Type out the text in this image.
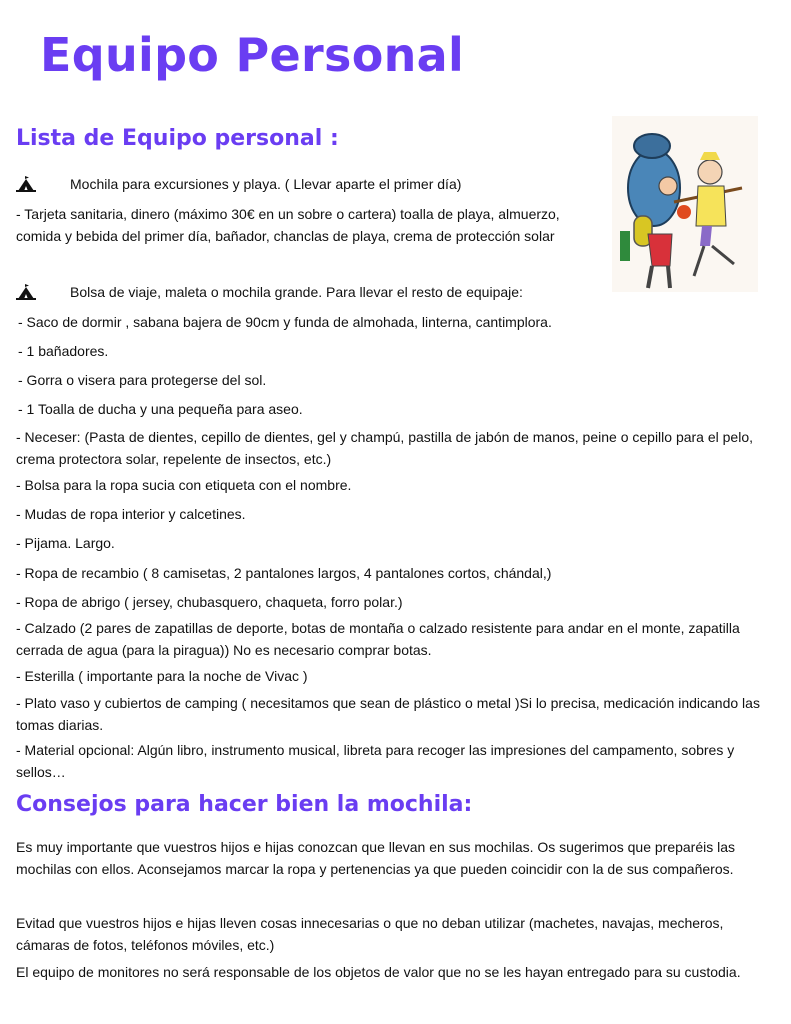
Equipo Personal
Lista de Equipo personal :
Mochila para excursiones y playa. ( Llevar aparte el primer día)

- Tarjeta sanitaria, dinero (máximo 30€ en un sobre o cartera) toalla de playa, almuerzo, comida y bebida del primer día, bañador, chanclas de playa, crema de protección solar

Bolsa de viaje, maleta o mochila grande. Para llevar el resto de equipaje:

- Saco de dormir , sabana bajera de 90cm y funda de almohada, linterna, cantimplora.

- 1 bañadores.

- Gorra o visera para protegerse del sol.

- 1 Toalla de ducha y una pequeña para aseo.

- Neceser: (Pasta de dientes, cepillo de dientes, gel y champú, pastilla de jabón de manos, peine o cepillo para el pelo, crema protectora solar, repelente de insectos, etc.)

- Bolsa para la ropa sucia con etiqueta con el nombre.

- Mudas de ropa interior y calcetines.

- Pijama. Largo.

- Ropa de recambio ( 8 camisetas, 2 pantalones largos, 4 pantalones cortos, chándal,)

- Ropa de abrigo ( jersey, chubasquero, chaqueta, forro polar.)

- Calzado (2 pares de zapatillas de deporte, botas de montaña o calzado resistente para andar en el monte, zapatilla cerrada de agua (para la piragua)) No es necesario comprar botas.

- Esterilla ( importante para la noche de Vivac )

- Plato vaso y cubiertos de camping ( necesitamos que sean de plástico o metal )Si lo precisa, medicación indicando las tomas diarias.

- Material opcional: Algún libro, instrumento musical, libreta para recoger las impresiones del campamento, sobres y sellos…

Consejos para hacer bien la mochila:

Es muy importante que vuestros hijos e hijas conozcan que llevan en sus mochilas. Os sugerimos que preparéis las mochilas con ellos. Aconsejamos marcar la ropa y pertenencias ya que pueden coincidir con la de sus compañeros.

Evitad que vuestros hijos e hijas lleven cosas innecesarias o que no deban utilizar (machetes, navajas, mecheros, cámaras de fotos, teléfonos móviles, etc.)

El equipo de monitores no será responsable de los objetos de valor que no se les hayan entregado para su custodia.
